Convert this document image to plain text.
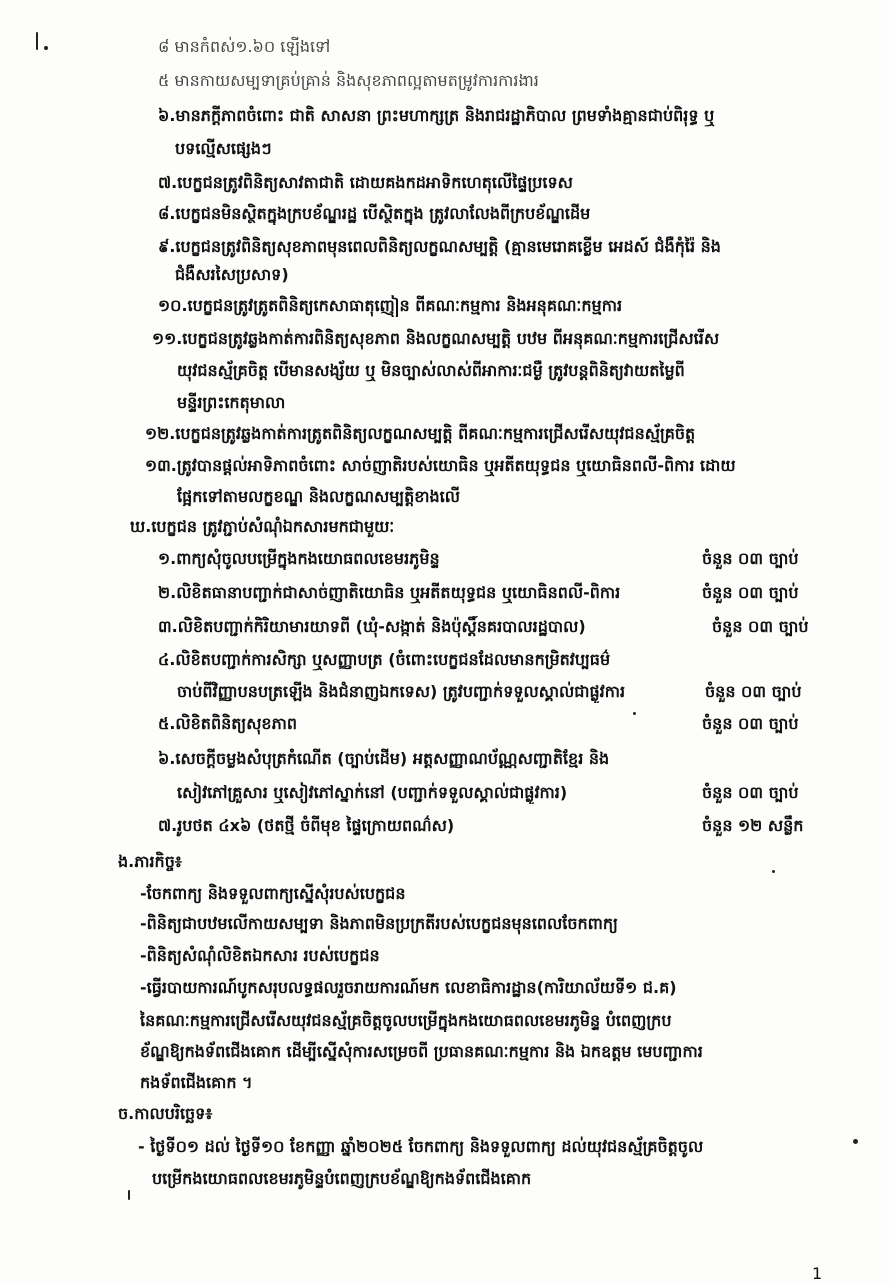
៨ មានកំពស់១.៦០ ឡើងទៅ
៥ មានកាយសម្បទាគ្រប់គ្រាន់ និងសុខភាពល្អតាមតម្រូវការការងារ
៦.មានភក្ដីភាពចំពោះ ជាតិ សាសនា ព្រះមហាក្សត្រ និងរាជរដ្ឋាភិបាល ព្រមទាំងគ្មានជាប់ពិរុទ្ធ ឬ
បទល្មើសផ្សេងៗ
៧.បេក្ខជនត្រូវពិនិត្យសាវតាជាតិ ដោយគងកដអាទិកហេតុលើផ្ទៃប្រទេស
៨.បេក្ខជនមិនស្ថិតក្នុងក្របខ័ណ្ឌរដ្ឋ បើស្ថិតក្នុង ត្រូវលាលែងពីក្របខ័ណ្ឌដើម
៩.បេក្ខជនត្រូវពិនិត្យសុខភាពមុនពេលពិនិត្យលក្ខណសម្បត្តិ (គ្មានមេរោគខ្លើម អេដស៍ ជំងឺកុំរ៉ៃ និង
ជំងឺសរសៃប្រសាទ)
១០.បេក្ខជនត្រូវត្រូតពិនិត្យកេសាធាតុញៀន ពីគណៈកម្មការ និងអនុគណៈកម្មការ
១១.បេក្ខជនត្រូវឆ្លងកាត់ការពិនិត្យសុខភាព និងលក្ខណសម្បត្តិ បឋម ពីអនុគណៈកម្មការជ្រើសរើស
យុវជនស្ម័គ្រចិត្ត បើមានសង្ស័យ ឬ មិនច្បាស់លាស់ពីអាការៈជម្ងឺ ត្រូវបន្តពិនិត្យវាយតម្លៃពី
មន្ទីរព្រះកេតុមាលា
១២.បេក្ខជនត្រូវឆ្លងកាត់ការត្រូតពិនិត្យលក្ខណសម្បត្តិ ពីគណៈកម្មការជ្រើសរើសយុវជនស្ម័គ្រចិត្ត
១៣.ត្រូវបានផ្ដល់អាទិភាពចំពោះ សាច់ញាតិរបស់យោធិន ឬអតីតយុទ្ធជន ឬយោធិនពលី-ពិការ ដោយ
ផ្អែកទៅតាមលក្ខខណ្ឌ និងលក្ខណសម្បត្តិខាងលើ
ឃ.បេក្ខជន ត្រូវភ្ជាប់សំណុំឯកសារមកជាមួយៈ
១.ពាក្យសុំចូលបម្រើក្នុងកងយោធពលខេមរភូមិន្ទ	ចំនួន ០៣ ច្បាប់
២.លិខិតធានាបញ្ជាក់ជាសាច់ញាតិយោធិន ឬអតីតយុទ្ធជន ឬយោធិនពលី-ពិការ	ចំនួន ០៣ ច្បាប់
៣.លិខិតបញ្ជាក់កិរិយាមារយាទពី (ឃុំ-សង្កាត់ និងប៉ុស្តិ៍នគរបាលរដ្ឋបាល)	ចំនួន ០៣ ច្បាប់
៤.លិខិតបញ្ជាក់ការសិក្សា ឬសញ្ញាបត្រ (ចំពោះបេក្ខជនដែលមានកម្រិតវប្បធម៌
ចាប់ពីវិញ្ញាបនបត្រឡើង និងជំនាញឯកទេស) ត្រូវបញ្ជាក់ទទួលស្គាល់ជាផ្លូវការ	ចំនួន ០៣ ច្បាប់
៥.លិខិតពិនិត្យសុខភាព	ចំនួន ០៣ ច្បាប់
៦.សេចក្ដីចម្លងសំបុត្រកំណើត (ច្បាប់ដើម) អត្តសញ្ញាណប័ណ្ណសញ្ជាតិខ្មែរ និង
សៀវភៅគ្រួសារ ឬសៀវភៅស្នាក់នៅ (បញ្ជាក់ទទួលស្គាល់ជាផ្លូវការ)	ចំនួន ០៣ ច្បាប់
៧.រូបថត ៤x៦ (ថតថ្មី ចំពីមុខ ផ្ទៃក្រោយពណ៌ស)	ចំនួន ១២ សន្លឹក
ង.ភារកិច្ច៖
-ចែកពាក្យ និងទទួលពាក្យស្នើសុំរបស់បេក្ខជន
-ពិនិត្យជាបឋមលើកាយសម្បទា និងភាពមិនប្រក្រតីរបស់បេក្ខជនមុនពេលចែកពាក្យ
-ពិនិត្យសំណុំលិខិតឯកសារ របស់បេក្ខជន
-ធ្វើរបាយការណ៍បូកសរុបលទ្ធផលរួចរាយការណ៍មក លេខាធិការដ្ឋាន(ការិយាល័យទី១ ជ.គ)
នៃគណៈកម្មការជ្រើសរើសយុវជនស្ម័គ្រចិត្តចូលបម្រើក្នុងកងយោធពលខេមរភូមិន្ទ បំពេញក្រប
ខ័ណ្ឌឱ្យកងទ័ពជើងគោក ដើម្បីស្នើសុំការសម្រេចពី ប្រធានគណៈកម្មការ និង ឯកឧត្តម មេបញ្ជាការ
កងទ័ពជើងគោក ។
ច.កាលបរិច្ឆេទ៖
- ថ្ងៃទី០១ ដល់ ថ្ងៃទី១០ ខែកញ្ញា ឆ្នាំ២០២៥ ចែកពាក្យ និងទទួលពាក្យ ដល់យុវជនស្ម័គ្រចិត្តចូល
បម្រើកងយោធពលខេមរភូមិន្ទបំពេញក្របខ័ណ្ឌឱ្យកងទ័ពជើងគោក
1
